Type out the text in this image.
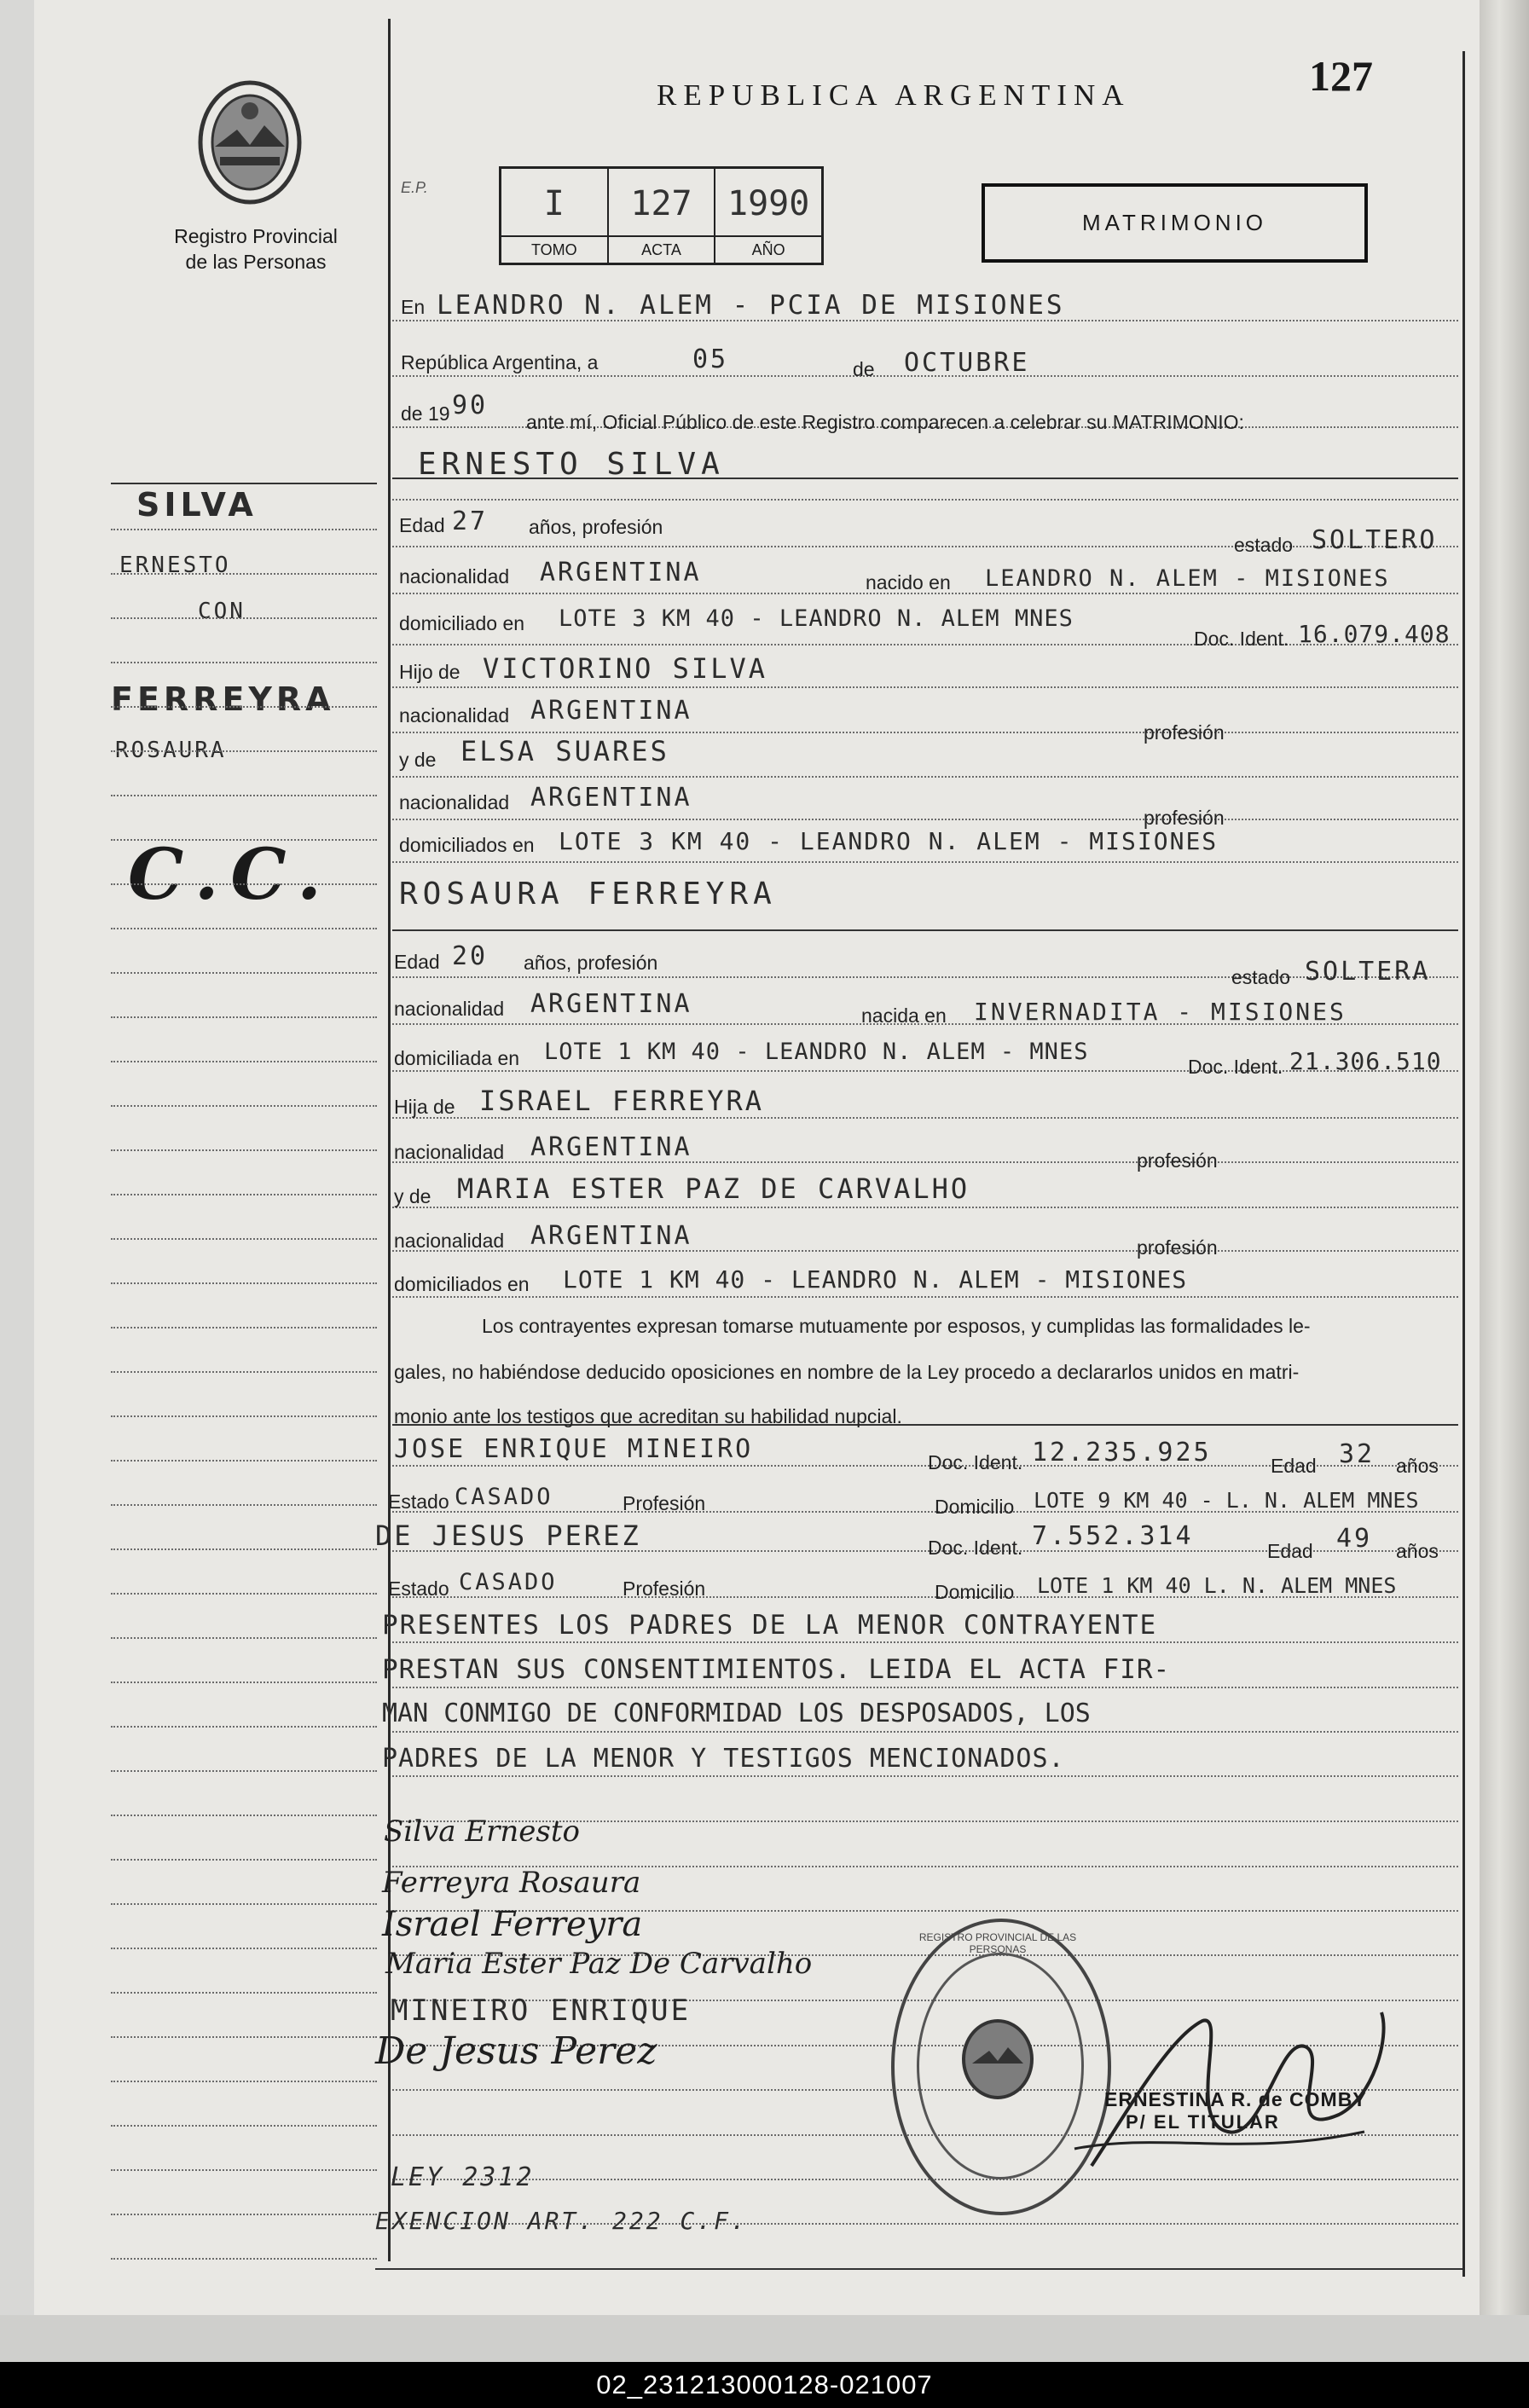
Registro Provincial
de las Personas
REPUBLICA ARGENTINA	127
E.P.	I
TOMO
127
ACTA
1990
AÑO
MATRIMONIO
SILVA
ERNESTO
CON
FERREYRA
ROSAURA
C.C.
En LEANDRO N. ALEM - PCIA DE MISIONES
República Argentina, a	05	de OCTUBRE
de 19 90
ante mí, Oficial Público de este Registro comparecen a celebrar su MATRIMONIO:
ERNESTO SILVA
Edad 27 años, profesión
estado SOLTERO
nacionalidad ARGENTINA	nacido en LEANDRO N. ALEM - MISIONES
domiciliado en LOTE 3 KM 40 - LEANDRO N. ALEM MNES
Doc. Ident. 16.079.408
Hijo de VICTORINO SILVA
nacionalidad ARGENTINA
profesión
y de ELSA SUARES
nacionalidad ARGENTINA
profesión
domiciliados en LOTE 3 KM 40 - LEANDRO N. ALEM - MISIONES
ROSAURA FERREYRA
Edad 20 años, profesión
estado SOLTERA
nacionalidad ARGENTINA	nacida en INVERNADITA - MISIONES
domiciliada en LOTE 1 KM 40 - LEANDRO N. ALEM - MNES
Doc. Ident. 21.306.510
Hija de ISRAEL FERREYRA
nacionalidad ARGENTINA	profesión
y de MARIA ESTER PAZ DE CARVALHO
nacionalidad ARGENTINA	profesión
domiciliados en LOTE 1 KM 40 - LEANDRO N. ALEM - MISIONES
Los contrayentes expresan tomarse mutuamente por esposos, y cumplidas las formalidades le-
gales, no habiéndose deducido oposiciones en nombre de la Ley procedo a declararlos unidos en matri-
monio ante los testigos que acreditan su habilidad nupcial.
JOSE ENRIQUE MINEIRO	Doc. Ident. 12.235.925	Edad 32 años
Estado CASADO	Profesión	Domicilio LOTE 9 KM 40 - L. N. ALEM MNES
DE JESUS PEREZ	Doc. Ident. 7.552.314	Edad 49 años
Estado CASADO	Profesión	Domicilio LOTE 1 KM 40 L. N. ALEM MNES
PRESENTES LOS PADRES DE LA MENOR CONTRAYENTE
PRESTAN SUS CONSENTIMIENTOS. LEIDA EL ACTA FIR-
MAN CONMIGO DE CONFORMIDAD LOS DESPOSADOS, LOS
PADRES DE LA MENOR Y TESTIGOS MENCIONADOS.
Silva Ernesto
Ferreyra Rosaura
Israel Ferreyra
Maria Ester Paz De Carvalho
MINEIRO ENRIQUE
De Jesus Perez
REGISTRO PROVINCIAL DE LAS PERSONAS
ERNESTINA R. de COMBY
P/ EL TITULAR
LEY 2312
EXENCION ART. 222 C.F.
02_231213000128-021007
